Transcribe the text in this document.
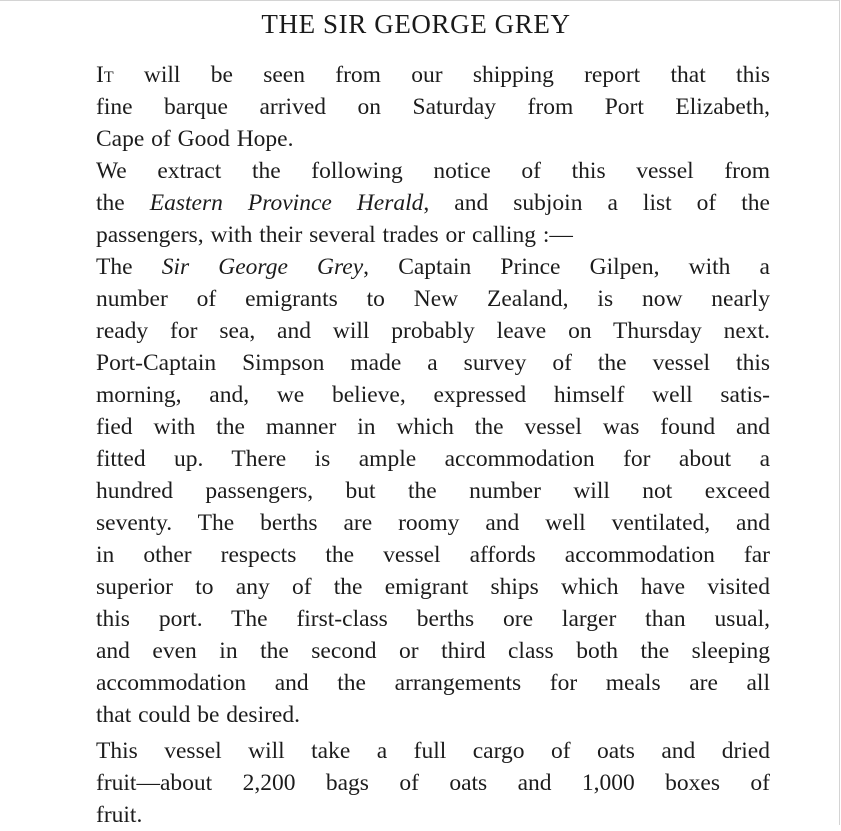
THE SIR GEORGE GREY

It will be seen from our shipping report that this
fine barque arrived on Saturday from Port Elizabeth,
Cape of Good Hope.

We extract the following notice of this vessel from
the Eastern Province Herald, and subjoin a list of the
passengers, with their several trades or calling :—

The Sir George Grey, Captain Prince Gilpen, with a
number of emigrants to New Zealand, is now nearly
ready for sea, and will probably leave on Thursday next.
Port-Captain Simpson made a survey of the vessel this
morning, and, we believe, expressed himself well satis-
fied with the manner in which the vessel was found and
fitted up. There is ample accommodation for about a
hundred passengers, but the number will not exceed
seventy. The berths are roomy and well ventilated, and
in other respects the vessel affords accommodation far
superior to any of the emigrant ships which have visited
this port. The first-class berths ore larger than usual,
and even in the second or third class both the sleeping
accommodation and the arrangements for meals are all
that could be desired.

This vessel will take a full cargo of oats and dried
fruit—about 2,200 bags of oats and 1,000 boxes of
fruit.
